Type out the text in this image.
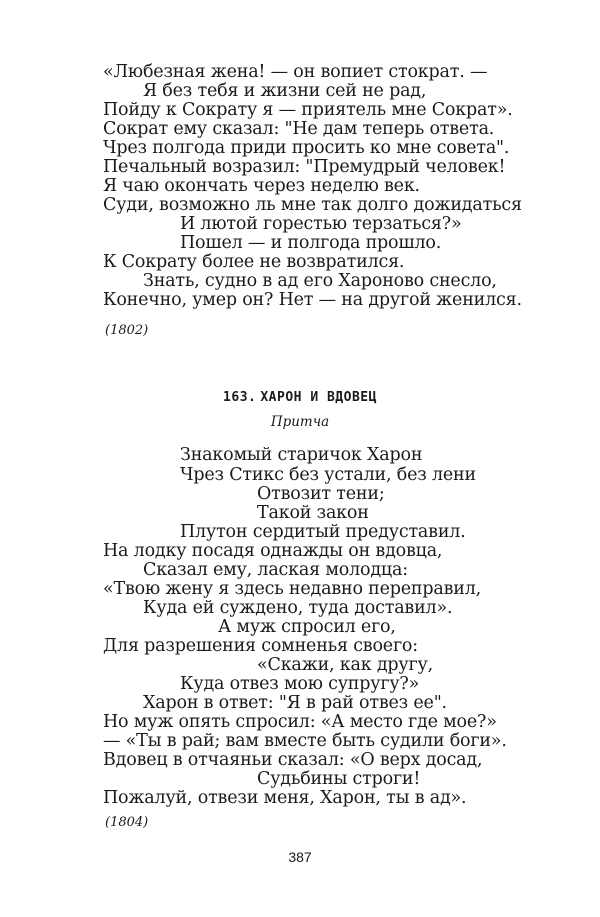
«Любезная жена! — он вопиет стократ. —
Я без тебя и жизни сей не рад,
Пойду к Сократу я — приятель мне Сократ».
Сократ ему сказал: "Не дам теперь ответа.
Чрез полгода приди просить ко мне совета".
Печальный возразил: "Премудрый человек!
Я чаю окончать через неделю век.
Суди, возможно ль мне так долго дожидаться
И лютой горестью терзаться?»
Пошел — и полгода прошло.
К Сократу более не возвратился.
Знать, судно в ад его Хароново снесло,
Конечно, умер он? Нет — на другой женился.
(1802)
163. ХАРОН И ВДОВЕЦ
Притча
Знакомый старичок Харон
Чрез Стикс без устали, без лени
Отвозит тени;
Такой закон
Плутон сердитый предуставил.
На лодку посадя однажды он вдовца,
Сказал ему, лаская молодца:
«Твою жену я здесь недавно переправил,
Куда ей суждено, туда доставил».
А муж спросил его,
Для разрешения сомненья своего:
«Скажи, как другу,
Куда отвез мою супругу?»
Харон в ответ: "Я в рай отвез ее".
Но муж опять спросил: «А место где мое?»
— «Ты в рай; вам вместе быть судили боги».
Вдовец в отчаяньи сказал: «О верх досад,
Судьбины строги!
Пожалуй, отвези меня, Харон, ты в ад».
(1804)
387
